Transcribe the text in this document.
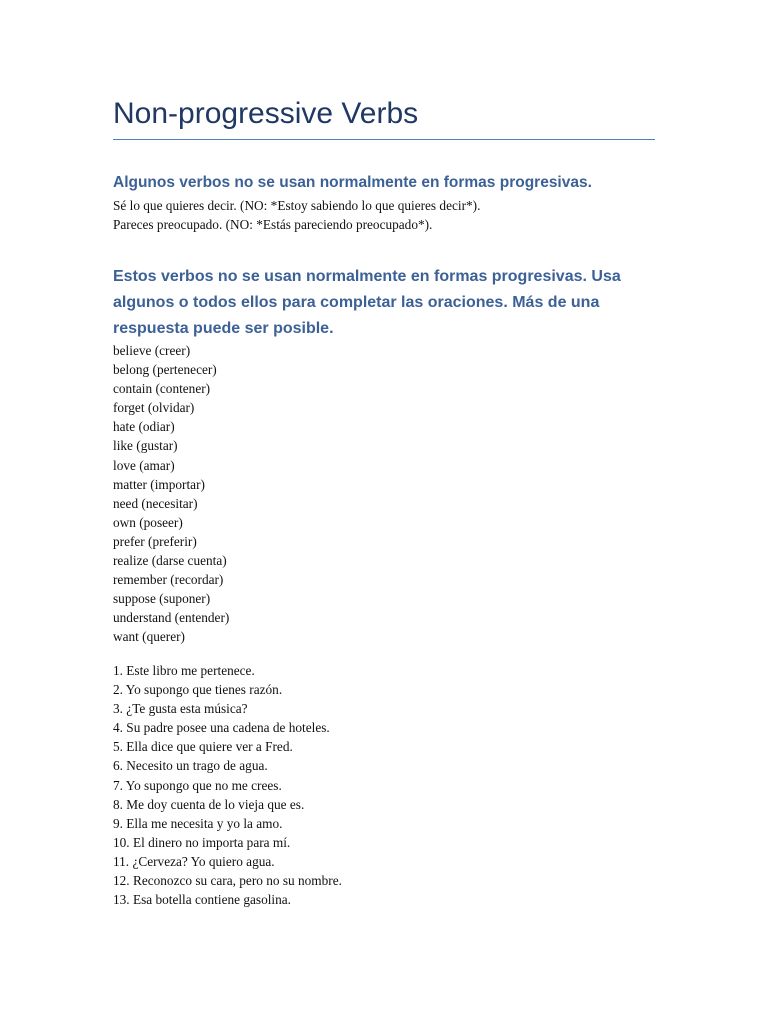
Non-progressive Verbs
Algunos verbos no se usan normalmente en formas progresivas.
Sé lo que quieres decir. (NO: *Estoy sabiendo lo que quieres decir*).
Pareces preocupado. (NO: *Estás pareciendo preocupado*).
Estos verbos no se usan normalmente en formas progresivas. Usa algunos o todos ellos para completar las oraciones. Más de una respuesta puede ser posible.
believe (creer)
belong (pertenecer)
contain (contener)
forget (olvidar)
hate (odiar)
like (gustar)
love (amar)
matter (importar)
need (necesitar)
own (poseer)
prefer (preferir)
realize (darse cuenta)
remember (recordar)
suppose (suponer)
understand (entender)
want (querer)
1. Este libro me pertenece.
2. Yo supongo que tienes razón.
3. ¿Te gusta esta música?
4. Su padre posee una cadena de hoteles.
5. Ella dice que quiere ver a Fred.
6. Necesito un trago de agua.
7. Yo supongo que no me crees.
8. Me doy cuenta de lo vieja que es.
9. Ella me necesita y yo la amo.
10. El dinero no importa para mí.
11. ¿Cerveza? Yo quiero agua.
12. Reconozco su cara, pero no su nombre.
13. Esa botella contiene gasolina.
